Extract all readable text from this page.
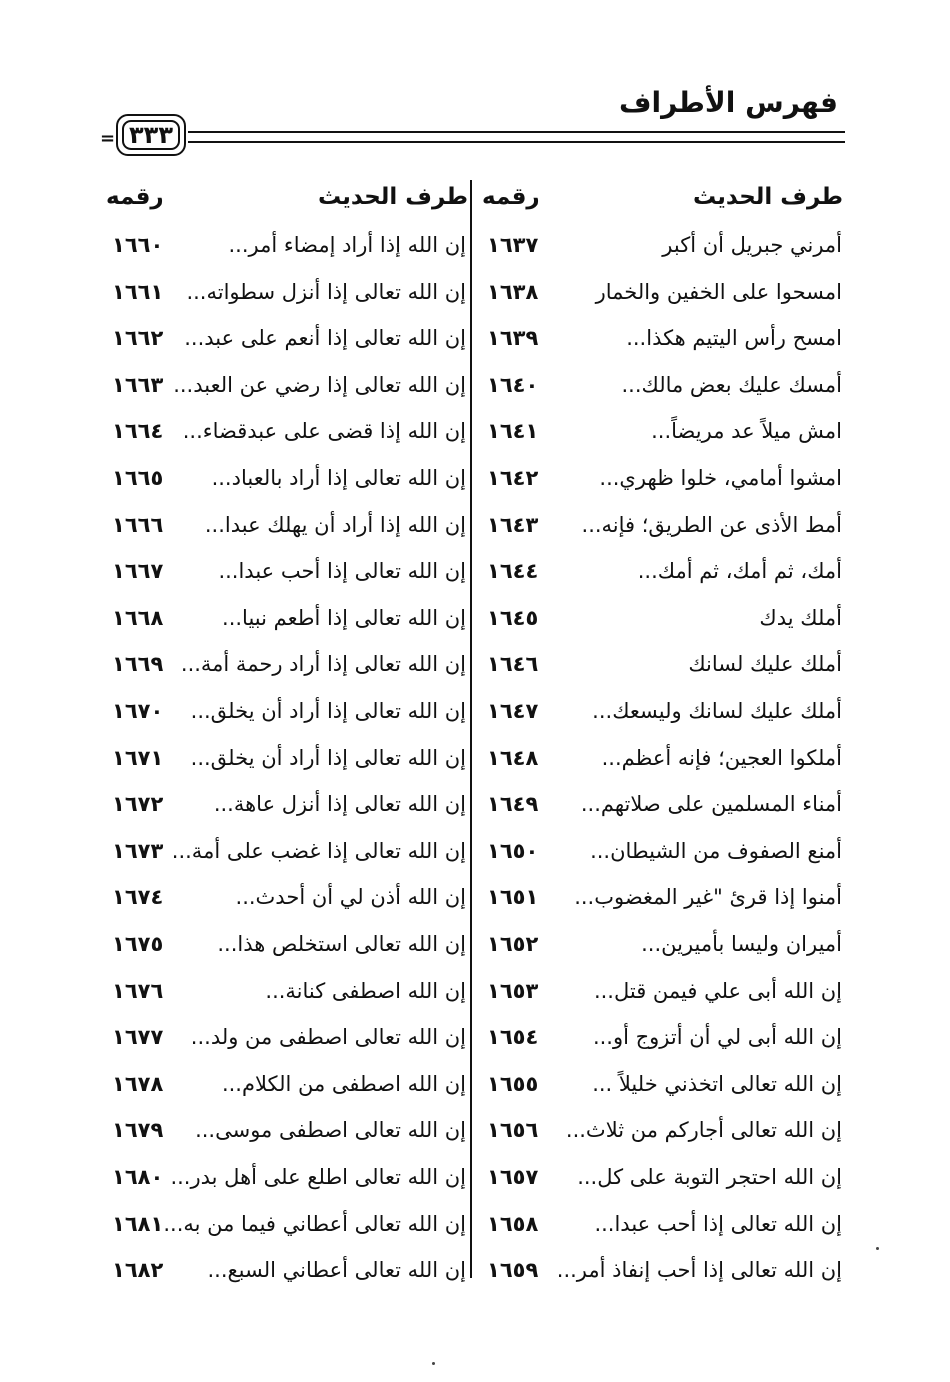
فهرس الأطراف
= ٣٣٣
طرف الحديث
رقمه
طرف الحديث
رقمه
أمرني جبريل أن أكبر
١٦٣٧
إن الله إذا أراد إمضاء أمر...
١٦٦٠
امسحوا على الخفين والخمار
١٦٣٨
إن الله تعالى إذا أنزل سطواته...
١٦٦١
امسح رأس اليتيم هكذا...
١٦٣٩
إن الله تعالى إذا أنعم على عبد...
١٦٦٢
أمسك عليك بعض مالك...
١٦٤٠
إن الله تعالى إذا رضي عن العبد...
١٦٦٣
امش ميلاً عد مريضاً...
١٦٤١
إن الله إذا قضى على عبدقضاء...
١٦٦٤
امشوا أمامي، خلوا ظهري...
١٦٤٢
إن الله تعالى إذا أراد بالعباد...
١٦٦٥
أمط الأذى عن الطريق؛ فإنه...
١٦٤٣
إن الله إذا أراد أن يهلك عبدا...
١٦٦٦
أمك، ثم أمك، ثم أمك...
١٦٤٤
إن الله تعالى إذا أحب عبدا...
١٦٦٧
أملك يدك
١٦٤٥
إن الله تعالى إذا أطعم نبيا...
١٦٦٨
أملك عليك لسانك
١٦٤٦
إن الله تعالى إذا أراد رحمة أمة...
١٦٦٩
أملك عليك لسانك وليسعك...
١٦٤٧
إن الله تعالى إذا أراد أن يخلق...
١٦٧٠
أملكوا العجين؛ فإنه أعظم...
١٦٤٨
إن الله تعالى إذا أراد أن يخلق...
١٦٧١
أمناء المسلمين على صلاتهم...
١٦٤٩
إن الله تعالى إذا أنزل عاهة...
١٦٧٢
أمنع الصفوف من الشيطان...
١٦٥٠
إن الله تعالى إذا غضب على أمة...
١٦٧٣
أمنوا إذا قرئ "غير المغضوب...
١٦٥١
إن الله أذن لي أن أحدث...
١٦٧٤
أميران وليسا بأميرين...
١٦٥٢
إن الله تعالى استخلص هذا...
١٦٧٥
إن الله أبى علي فيمن قتل...
١٦٥٣
إن الله اصطفى كنانة...
١٦٧٦
إن الله أبى لي أن أتزوج أو...
١٦٥٤
إن الله تعالى اصطفى من ولد...
١٦٧٧
إن الله تعالى اتخذني خليلاً ...
١٦٥٥
إن الله اصطفى من الكلام...
١٦٧٨
إن الله تعالى أجاركم من ثلاث...
١٦٥٦
إن الله تعالى اصطفى موسى...
١٦٧٩
إن الله احتجر التوبة على كل...
١٦٥٧
إن الله تعالى اطلع على أهل بدر...
١٦٨٠
إن الله تعالى إذا أحب عبدا...
١٦٥٨
إن الله تعالى أعطاني فيما من به...
١٦٨١
إن الله تعالى إذا أحب إنفاذ أمر...
١٦٥٩
إن الله تعالى أعطاني السبع...
١٦٨٢
